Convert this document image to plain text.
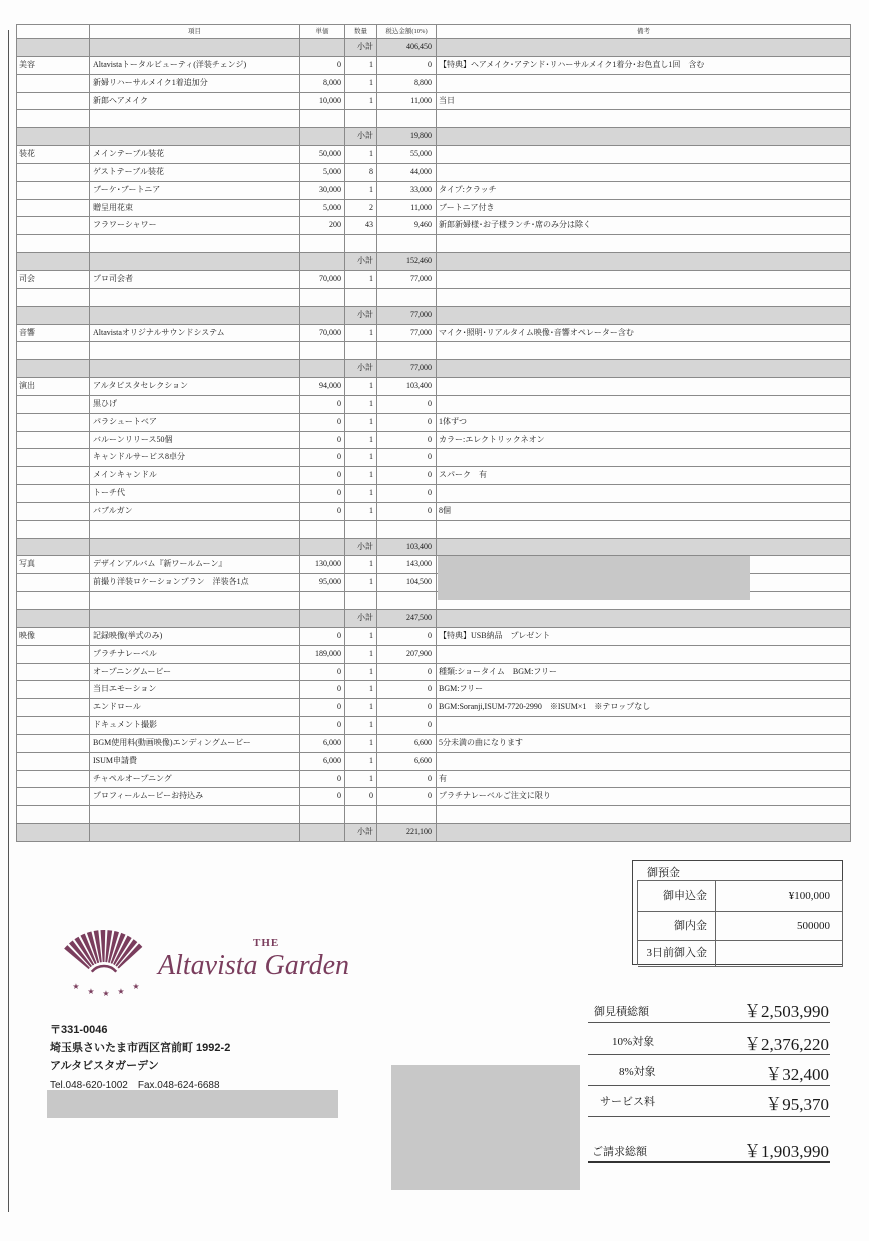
項目	単価	数量	税込金額(10%)	備考
小計	406,450
美容	Altavistaトータルビューティ(洋装チェンジ)	0	1	0 【特典】ヘアメイク･アテンド･リハーサルメイク1着分･お色直し1回　含む
新婦リハーサルメイク1着追加分	8,000	1	8,800
新郎ヘアメイク	10,000	1	11,000 当日
小計	19,800
装花	メインテーブル装花	50,000	1	55,000
ゲストテーブル装花	5,000	8	44,000
ブーケ･ブートニア	30,000	1	33,000 タイプ:クラッチ
贈呈用花束	5,000	2	11,000 ブートニア付き
フラワーシャワー	200	43	9,460 新郎新婦様･お子様ランチ･席のみ分は除く
小計	152,460
司会	プロ司会者	70,000	1	77,000
小計	77,000
音響	Altavistaオリジナルサウンドシステム	70,000	1	77,000 マイク･照明･リアルタイム映像･音響オペレーター含む
小計	77,000
演出	アルタビスタセレクション	94,000	1	103,400
黒ひげ	0	1	0
パラシュートベア	0	1	0 1体ずつ
バルーンリリース50個	0	1	0 カラー:エレクトリックネオン
キャンドルサービス8卓分	0	1	0
メインキャンドル	0	1	0 スパーク　有
トーチ代	0	1	0
バブルガン	0	1	0 8個
小計	103,400
写真	デザインアルバム『新ワールムーン』	130,000	1	143,000
前撮り洋装ロケーションプラン　洋装各1点	95,000	1	104,500
小計	247,500
映像	記録映像(挙式のみ)	0	1	0 【特典】USB納品　プレゼント
プラチナレーベル	189,000	1	207,900
オープニングムービー	0	1	0 種類:ショータイム　BGM:フリー
当日エモーション	0	1	0 BGM:フリー
エンドロール	0	1	0 BGM:Soranji,ISUM-7720-2990　※ISUM×1　※テロップなし
ドキュメント撮影	0	1	0
BGM使用料(動画映像)エンディングムービー	6,000	1	6,600 5分未満の曲になります
ISUM申請費	6,000	1	6,600
チャペルオープニング	0	1	0 有
プロフィールムービーお持込み	0	0	0 プラチナレーベルご注文に限り
小計	221,100
御預金
御申込金	¥100,000
御内金	500000
3日前御入金
★
★ ★ ★
★
THE
Altavista Garden
〒331-0046
埼玉県さいたま市西区宮前町 1992-2
アルタビスタガーデン
Tel.048-620-1002　Fax.048-624-6688
御見積総額	￥2,503,990
10%対象	￥2,376,220
8%対象	￥32,400
サービス料	￥95,370
ご請求総額	￥1,903,990
